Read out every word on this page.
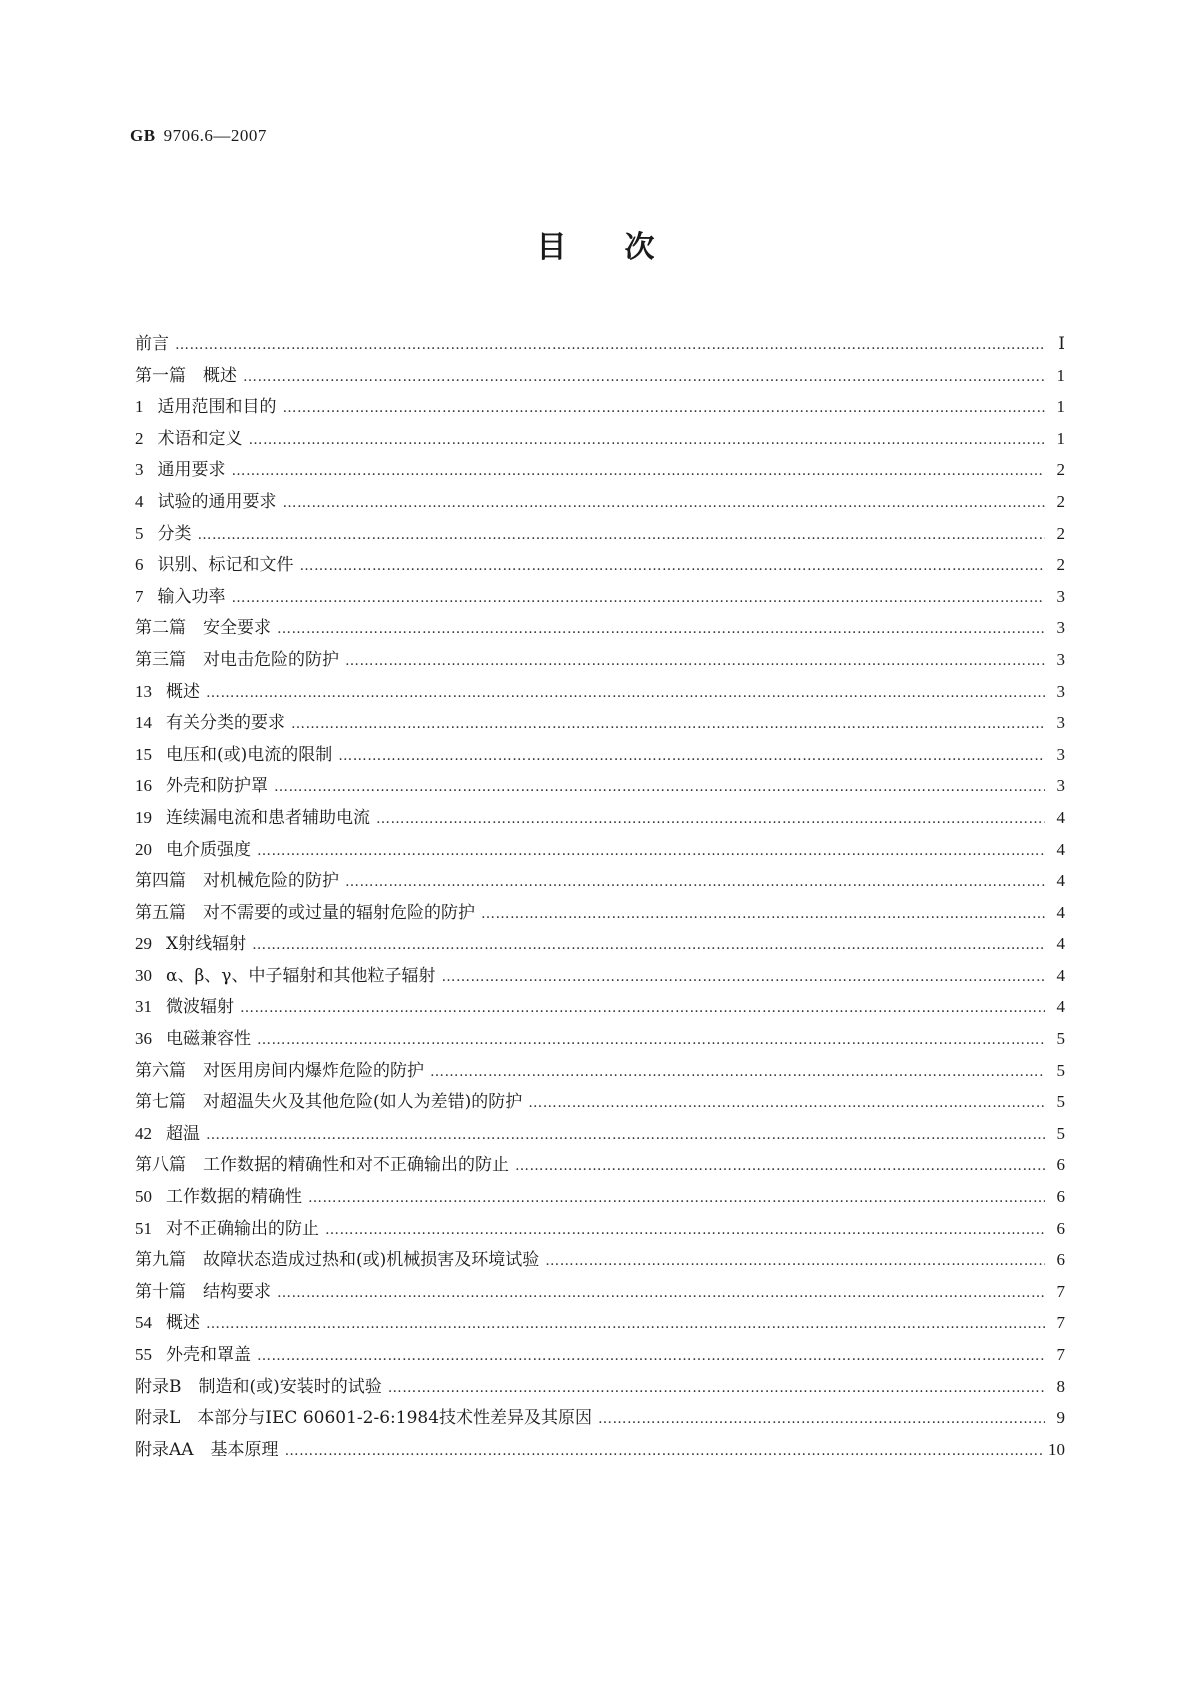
GB 9706.6—2007
目次
前言 …………………………………………………………………………………………………………………………………………………………………………………………………………	Ⅰ
第一篇　概述 …………………………………………………………………………………………………………………………………………………………………………………………………………	1
1 适用范围和目的 …………………………………………………………………………………………………………………………………………………………………………………………………………	1
2 术语和定义 …………………………………………………………………………………………………………………………………………………………………………………………………………	1
3 通用要求 …………………………………………………………………………………………………………………………………………………………………………………………………………	2
4 试验的通用要求 …………………………………………………………………………………………………………………………………………………………………………………………………………	2
5 分类 …………………………………………………………………………………………………………………………………………………………………………………………………………	2
6 识别、标记和文件 …………………………………………………………………………………………………………………………………………………………………………………………………………	2
7 输入功率 …………………………………………………………………………………………………………………………………………………………………………………………………………	3
第二篇　安全要求 …………………………………………………………………………………………………………………………………………………………………………………………………………	3
第三篇　对电击危险的防护 …………………………………………………………………………………………………………………………………………………………………………………………………………	3
13 概述 …………………………………………………………………………………………………………………………………………………………………………………………………………	3
14 有关分类的要求 …………………………………………………………………………………………………………………………………………………………………………………………………………	3
15 电压和(或)电流的限制 …………………………………………………………………………………………………………………………………………………………………………………………………………	3
16 外壳和防护罩 …………………………………………………………………………………………………………………………………………………………………………………………………………	3
19 连续漏电流和患者辅助电流 …………………………………………………………………………………………………………………………………………………………………………………………………………	4
20 电介质强度 …………………………………………………………………………………………………………………………………………………………………………………………………………	4
第四篇　对机械危险的防护 …………………………………………………………………………………………………………………………………………………………………………………………………………	4
第五篇　对不需要的或过量的辐射危险的防护 …………………………………………………………………………………………………………………………………………………………………………………………………………	4
29 X射线辐射 …………………………………………………………………………………………………………………………………………………………………………………………………………	4
30 α、β、γ、中子辐射和其他粒子辐射 …………………………………………………………………………………………………………………………………………………………………………………………………………	4
31 微波辐射 …………………………………………………………………………………………………………………………………………………………………………………………………………	4
36 电磁兼容性 …………………………………………………………………………………………………………………………………………………………………………………………………………	5
第六篇　对医用房间内爆炸危险的防护 …………………………………………………………………………………………………………………………………………………………………………………………………………	5
第七篇　对超温失火及其他危险(如人为差错)的防护 …………………………………………………………………………………………………………………………………………………………………………………………………………	5
42 超温 …………………………………………………………………………………………………………………………………………………………………………………………………………	5
第八篇　工作数据的精确性和对不正确输出的防止 …………………………………………………………………………………………………………………………………………………………………………………………………………	6
50 工作数据的精确性 …………………………………………………………………………………………………………………………………………………………………………………………………………	6
51 对不正确输出的防止 …………………………………………………………………………………………………………………………………………………………………………………………………………	6
第九篇　故障状态造成过热和(或)机械损害及环境试验 …………………………………………………………………………………………………………………………………………………………………………………………………………	6
第十篇　结构要求 …………………………………………………………………………………………………………………………………………………………………………………………………………	7
54 概述 …………………………………………………………………………………………………………………………………………………………………………………………………………	7
55 外壳和罩盖 …………………………………………………………………………………………………………………………………………………………………………………………………………	7
附录B　制造和(或)安装时的试验 …………………………………………………………………………………………………………………………………………………………………………………………………………	8
附录L　本部分与IEC 60601-2-6:1984技术性差异及其原因 …………………………………………………………………………………………………………………………………………………………………………………………………………	9
附录AA　基本原理 …………………………………………………………………………………………………………………………………………………………………………………………………………	10
